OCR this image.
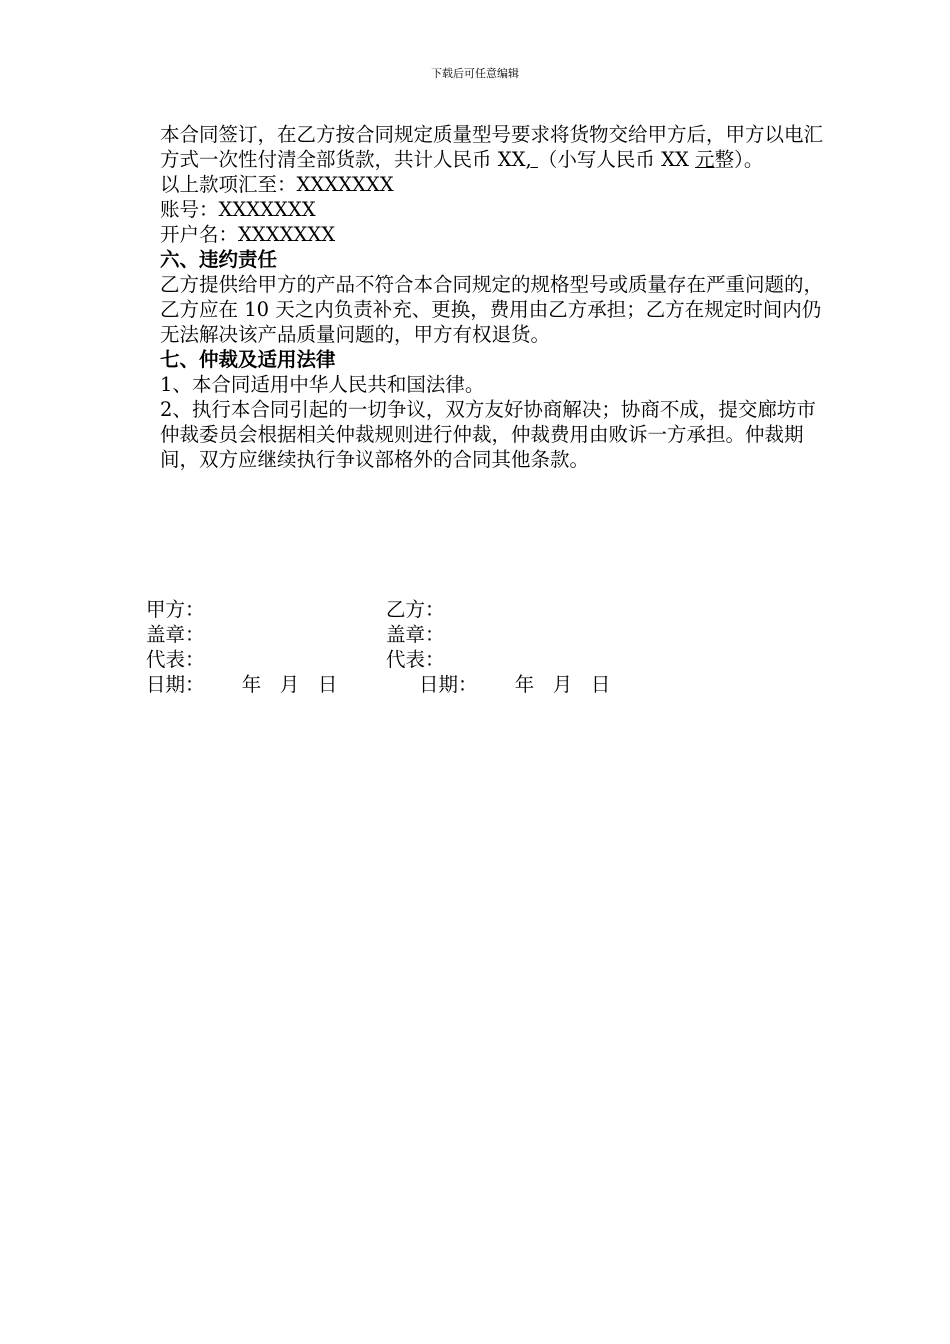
下载后可任意编辑

本合同签订，在乙方按合同规定质量型号要求将货物交给甲方后，甲方以电汇方式一次性付清全部货款，共计人民币 XX, （小写人民币 XX 元整）。

以上款项汇至：XXXXXXX

账号：XXXXXXX

开户名：XXXXXXX

六、违约责任

乙方提供给甲方的产品不符合本合同规定的规格型号或质量存在严重问题的，乙方应在 10 天之内负责补充、更换，费用由乙方承担；乙方在规定时间内仍无法解决该产品质量问题的，甲方有权退货。

七、仲裁及适用法律

1、本合同适用中华人民共和国法律。

2、执行本合同引起的一切争议，双方友好协商解决；协商不成，提交廊坊市仲裁委员会根据相关仲裁规则进行仲裁，仲裁费用由败诉一方承担。仲裁期间，双方应继续执行争议部格外的合同其他条款。

甲方：	乙方：
盖章：	盖章：
代表：	代表：
日期：      年   月   日	日期：      年   月   日
